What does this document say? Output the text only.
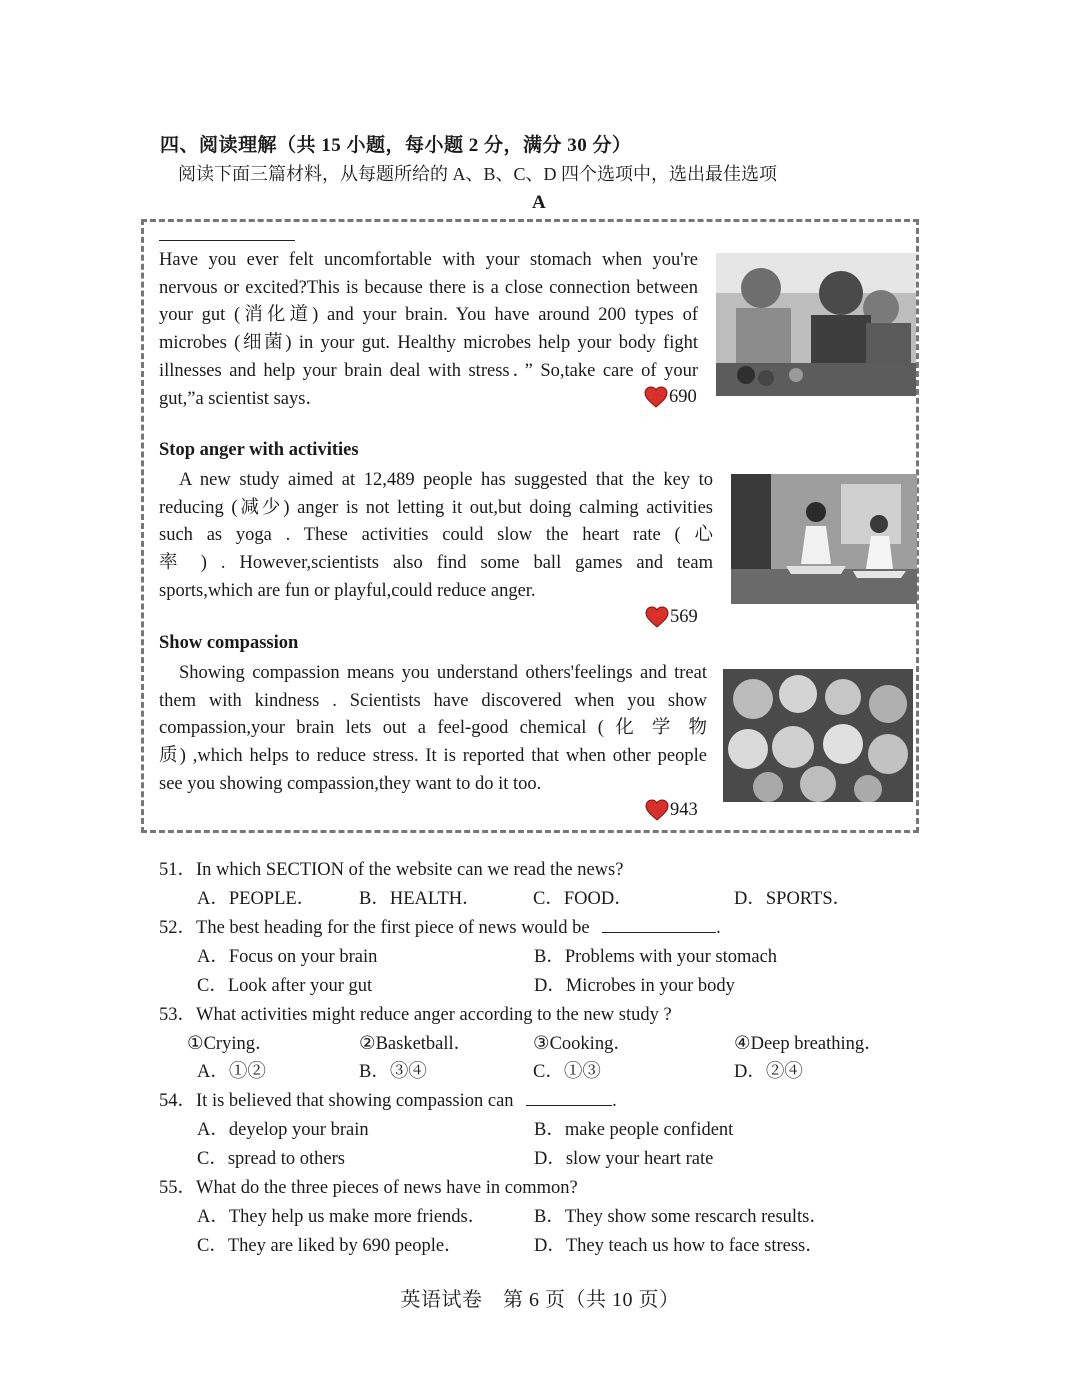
四、阅读理解（共 15 小题，每小题 2 分，满分 30 分）
阅读下面三篇材料，从每题所给的 A、B、C、D 四个选项中，选出最佳选项
A
Have you ever felt uncomfortable with your stomach when you're
nervous or excited?This is because there is a close connection between
your gut (消化道) and your brain. You have around 200 types of
microbes (细菌) in your gut. Healthy microbes help your body fight
illnesses and help your brain deal with stress．” So,take care of your
gut,”a scientist says．	690
Stop anger with activities
A new study aimed at 12,489 people has suggested that the key to
reducing (减少) anger is not letting it out,but doing calming activities
such as yoga . These activities could slow the heart rate ( 心
率 ) . However,scientists also find some ball games and team
sports,which are fun or playful,could reduce anger.
569
Show compassion
Showing compassion means you understand others'feelings and treat
them with kindness . Scientists have discovered when you show
compassion,your brain lets out a feel-good chemical ( 化 学 物
质) ,which helps to reduce stress. It is reported that when other people
see you showing compassion,they want to do it too.
943
51．In which SECTION of the website can we read the news?
A．PEOPLE． B．HEALTH．	C．FOOD．	D．SPORTS．
52．The best heading for the first piece of news would be	.
A．Focus on your brain	B．Problems with your stomach
C．Look after your gut	D．Microbes in your body
53．What activities might reduce anger according to the new study ?
①Crying．	②Basketball．	③Cooking．	④Deep breathing．
A．①②	B．③④	C．①③	D．②④
54．It is believed that showing compassion can	.
A．deyelop your brain	B．make people confident
C．spread to others	D．slow your heart rate
55．What do the three pieces of news have in common?
A．They help us make more friends．	B．They show some rescarch results．
C．They are liked by 690 people．	D．They teach us how to face stress．
英语试卷　第 6 页（共 10 页）
